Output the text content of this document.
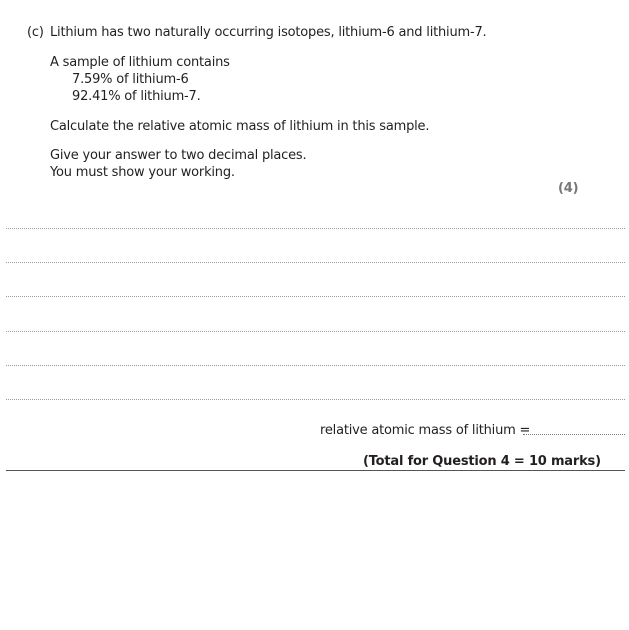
(c) Lithium has two naturally occurring isotopes, lithium-6 and lithium-7.
A sample of lithium contains
7.59% of lithium-6
92.41% of lithium-7.
Calculate the relative atomic mass of lithium in this sample.
Give your answer to two decimal places.
You must show your working.
(4)
relative atomic mass of lithium =
(Total for Question 4 = 10 marks)
